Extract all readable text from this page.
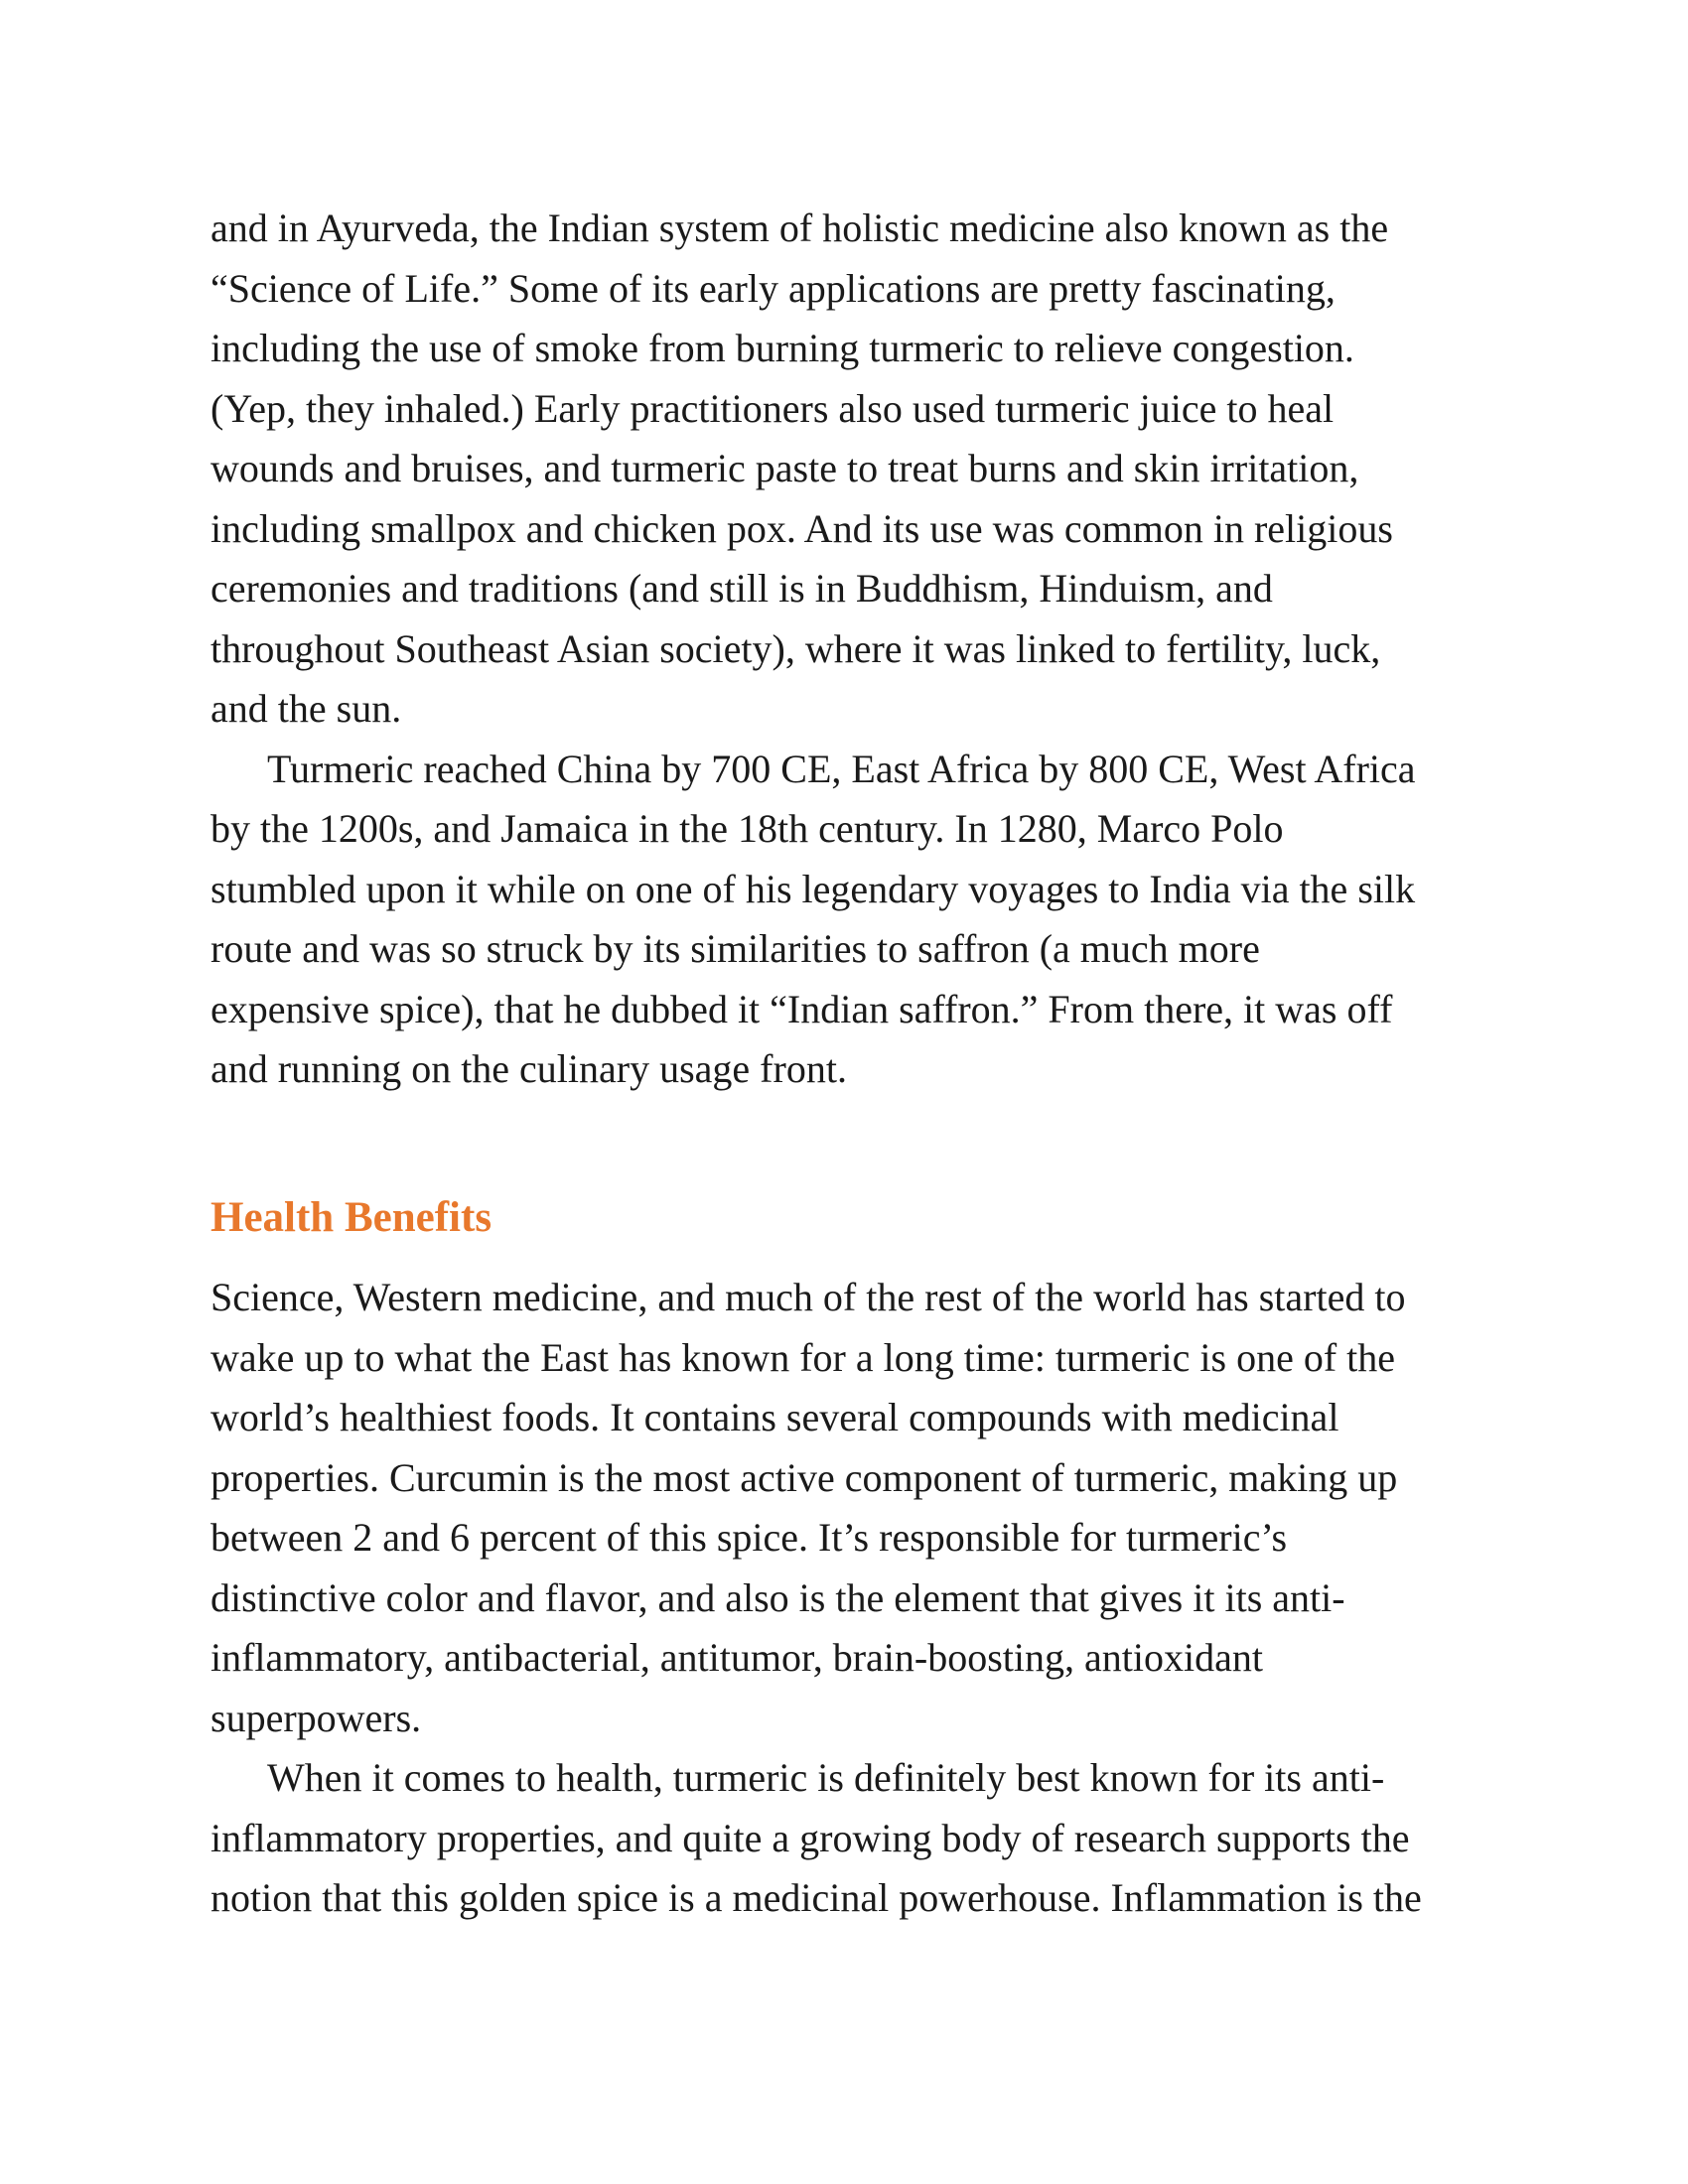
and in Ayurveda, the Indian system of holistic medicine also known as the
“Science of Life.” Some of its early applications are pretty fascinating,
including the use of smoke from burning turmeric to relieve congestion.
(Yep, they inhaled.) Early practitioners also used turmeric juice to heal
wounds and bruises, and turmeric paste to treat burns and skin irritation,
including smallpox and chicken pox. And its use was common in religious
ceremonies and traditions (and still is in Buddhism, Hinduism, and
throughout Southeast Asian society), where it was linked to fertility, luck,
and the sun.

Turmeric reached China by 700 CE, East Africa by 800 CE, West Africa
by the 1200s, and Jamaica in the 18th century. In 1280, Marco Polo
stumbled upon it while on one of his legendary voyages to India via the silk
route and was so struck by its similarities to saffron (a much more
expensive spice), that he dubbed it “Indian saffron.” From there, it was off
and running on the culinary usage front.

Health Benefits

Science, Western medicine, and much of the rest of the world has started to
wake up to what the East has known for a long time: turmeric is one of the
world’s healthiest foods. It contains several compounds with medicinal
properties. Curcumin is the most active component of turmeric, making up
between 2 and 6 percent of this spice. It’s responsible for turmeric’s
distinctive color and flavor, and also is the element that gives it its anti-
inflammatory, antibacterial, antitumor, brain-boosting, antioxidant
superpowers.

When it comes to health, turmeric is definitely best known for its anti-
inflammatory properties, and quite a growing body of research supports the
notion that this golden spice is a medicinal powerhouse. Inflammation is the
